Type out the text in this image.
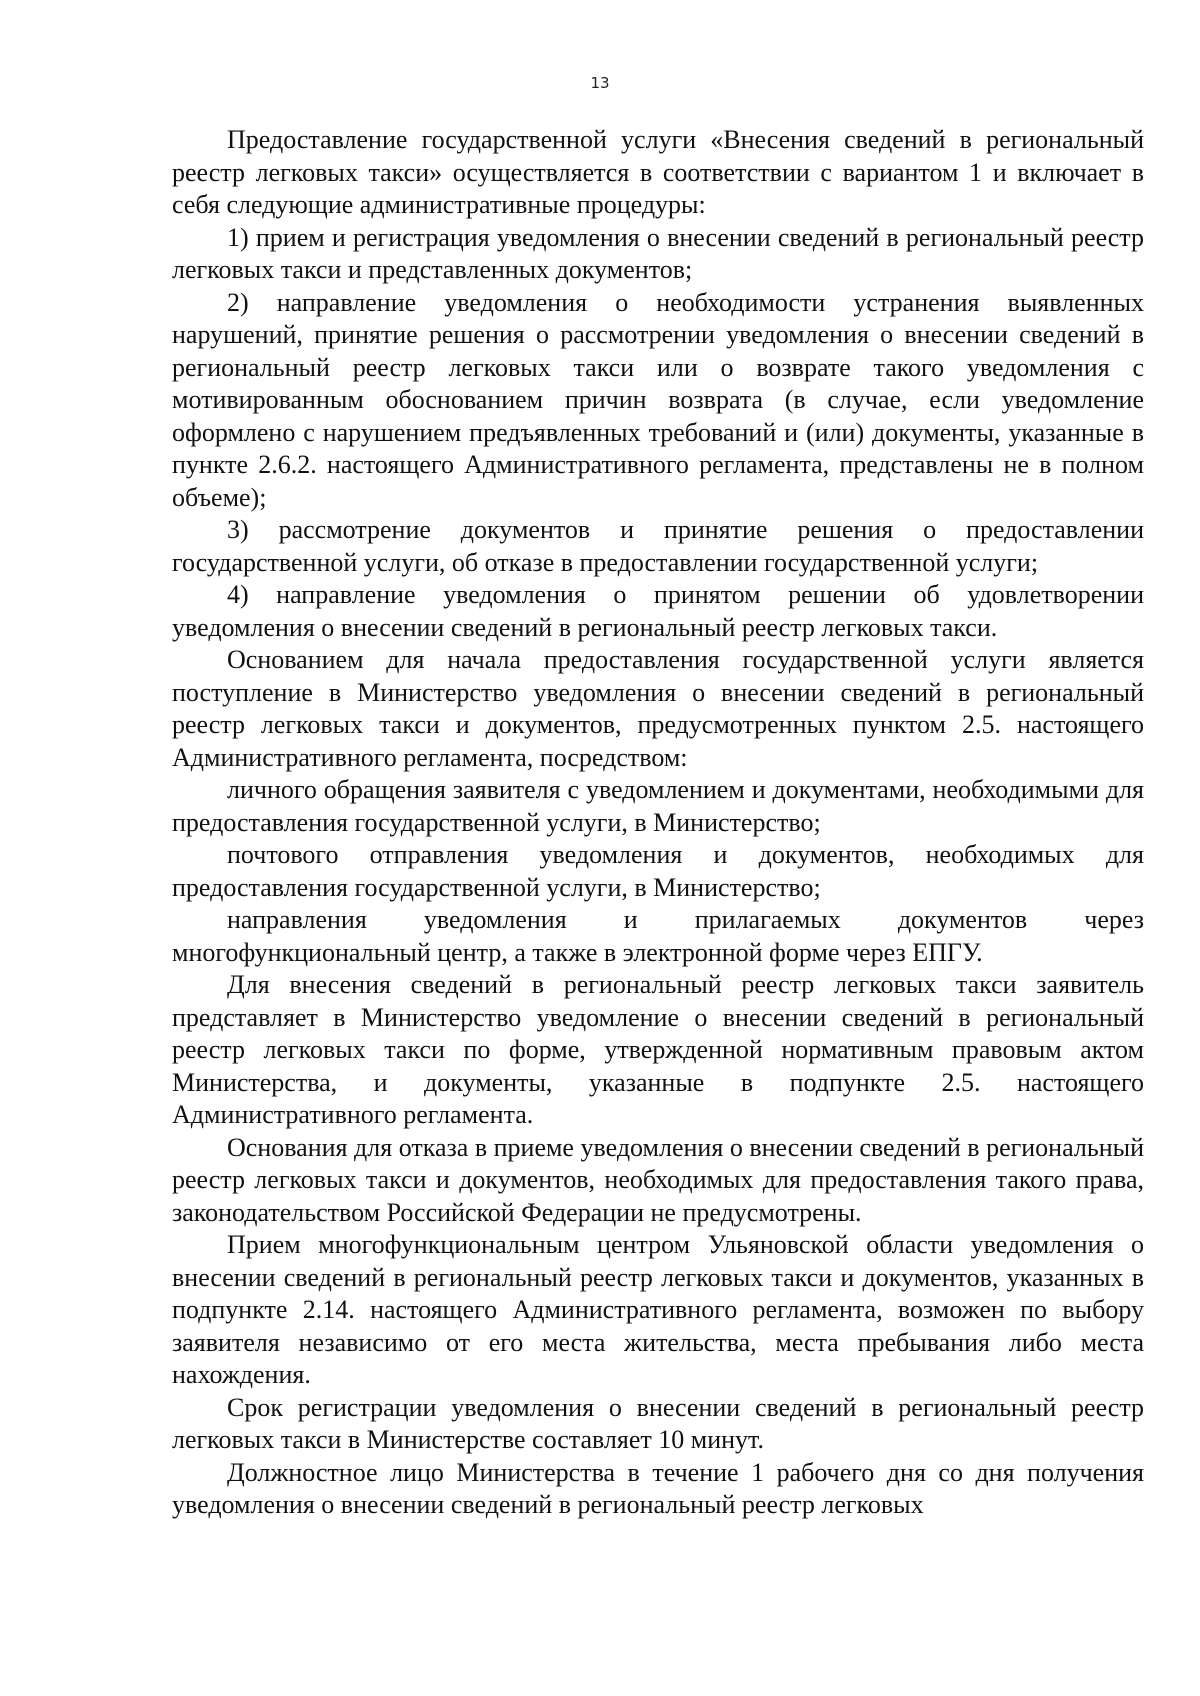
13

Предоставление государственной услуги «Внесения сведений в региональный реестр легковых такси» осуществляется в соответствии с вариантом 1 и включает в себя следующие административные процедуры:

1) прием и регистрация уведомления о внесении сведений в региональный реестр легковых такси и представленных документов;

2) направление уведомления о необходимости устранения выявленных нарушений, принятие решения о рассмотрении уведомления о внесении сведений в региональный реестр легковых такси или о возврате такого уведомления с мотивированным обоснованием причин возврата (в случае, если уведомление оформлено с нарушением предъявленных требований и (или) документы, указанные в пункте 2.6.2. настоящего Административного регламента, представлены не в полном объеме);

3) рассмотрение документов и принятие решения о предоставлении государственной услуги, об отказе в предоставлении государственной услуги;

4) направление уведомления о принятом решении об удовлетворении уведомления о внесении сведений в региональный реестр легковых такси.

Основанием для начала предоставления государственной услуги является поступление в Министерство уведомления о внесении сведений в региональный реестр легковых такси и документов, предусмотренных пунктом 2.5. настоящего Административного регламента, посредством:

личного обращения заявителя с уведомлением и документами, необходимыми для предоставления государственной услуги, в Министерство;

почтового отправления уведомления и документов, необходимых для предоставления государственной услуги, в Министерство;

направления уведомления и прилагаемых документов через многофункциональный центр, а также в электронной форме через ЕПГУ.

Для внесения сведений в региональный реестр легковых такси заявитель представляет в Министерство уведомление о внесении сведений в региональный реестр легковых такси по форме, утвержденной нормативным правовым актом Министерства, и документы, указанные в подпункте 2.5. настоящего Административного регламента.

Основания для отказа в приеме уведомления о внесении сведений в региональный реестр легковых такси и документов, необходимых для предоставления такого права, законодательством Российской Федерации не предусмотрены.

Прием многофункциональным центром Ульяновской области уведомления о внесении сведений в региональный реестр легковых такси и документов, указанных в подпункте 2.14. настоящего Административного регламента, возможен по выбору заявителя независимо от его места жительства, места пребывания либо места нахождения.

Срок регистрации уведомления о внесении сведений в региональный реестр легковых такси в Министерстве составляет 10 минут.

Должностное лицо Министерства в течение 1 рабочего дня со дня получения уведомления о внесении сведений в региональный реестр легковых
